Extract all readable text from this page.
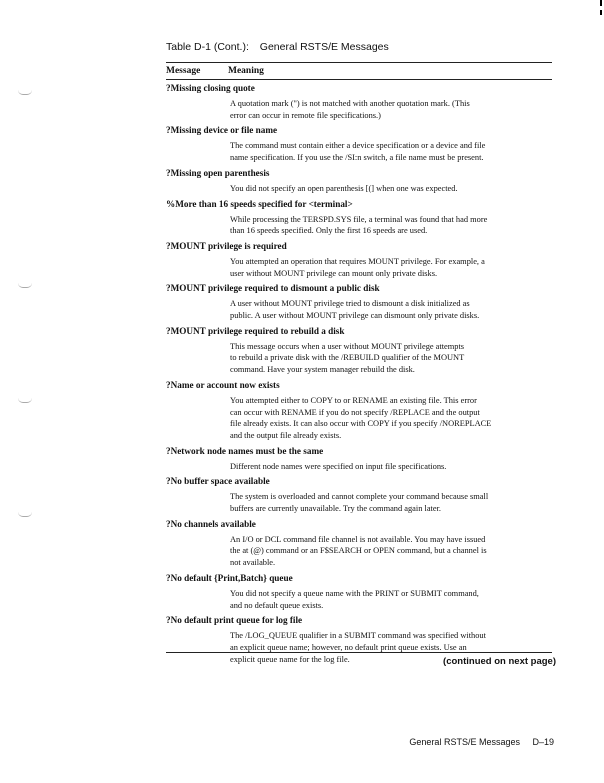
Table D-1 (Cont.): General RSTS/E Messages
Message	Meaning
?Missing closing quote
A quotation mark (") is not matched with another quotation mark. (This
error can occur in remote file specifications.)
?Missing device or file name
The command must contain either a device specification or a device and file
name specification. If you use the /SI:n switch, a file name must be present.
?Missing open parenthesis
You did not specify an open parenthesis [(] when one was expected.
%More than 16 speeds specified for <terminal>
While processing the TERSPD.SYS file, a terminal was found that had more
than 16 speeds specified. Only the first 16 speeds are used.
?MOUNT privilege is required
You attempted an operation that requires MOUNT privilege. For example, a
user without MOUNT privilege can mount only private disks.
?MOUNT privilege required to dismount a public disk
A user without MOUNT privilege tried to dismount a disk initialized as
public. A user without MOUNT privilege can dismount only private disks.
?MOUNT privilege required to rebuild a disk
This message occurs when a user without MOUNT privilege attempts
to rebuild a private disk with the /REBUILD qualifier of the MOUNT
command. Have your system manager rebuild the disk.
?Name or account now exists
You attempted either to COPY to or RENAME an existing file. This error
can occur with RENAME if you do not specify /REPLACE and the output
file already exists. It can also occur with COPY if you specify /NOREPLACE
and the output file already exists.
?Network node names must be the same
Different node names were specified on input file specifications.
?No buffer space available
The system is overloaded and cannot complete your command because small
buffers are currently unavailable. Try the command again later.
?No channels available
An I/O or DCL command file channel is not available. You may have issued
the at (@) command or an F$SEARCH or OPEN command, but a channel is
not available.
?No default {Print,Batch} queue
You did not specify a queue name with the PRINT or SUBMIT command,
and no default queue exists.
?No default print queue for log file
The /LOG_QUEUE qualifier in a SUBMIT command was specified without
an explicit queue name; however, no default print queue exists. Use an
explicit queue name for the log file.	(continued on next page)
General RSTS/E Messages D–19
